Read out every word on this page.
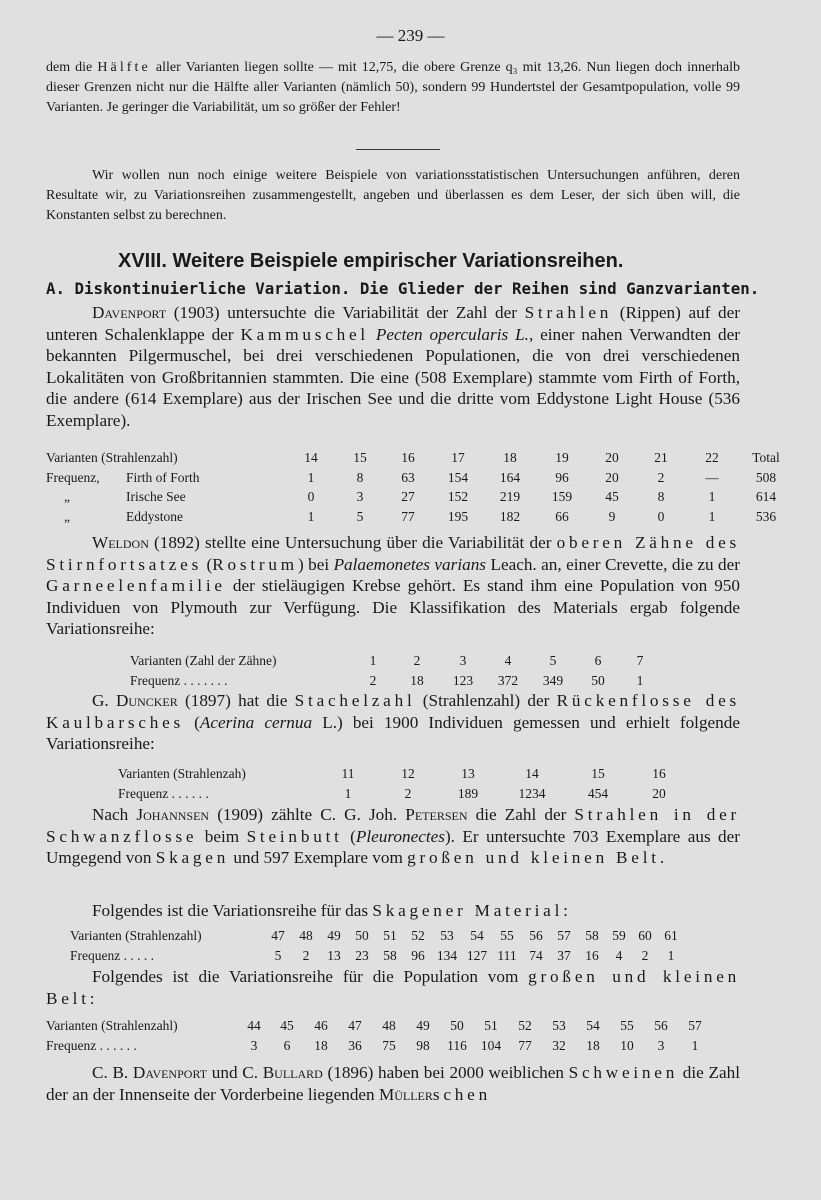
— 239 —

dem die Hälfte aller Varianten liegen sollte — mit 12,75, die obere Grenze q₃ mit 13,26. Nun liegen doch innerhalb dieser Grenzen nicht nur die Hälfte aller Varianten (nämlich 50), sondern 99 Hundertstel der Gesamtpopulation, volle 99 Varianten. Je geringer die Variabilität, um so größer der Fehler!

Wir wollen nun noch einige weitere Beispiele von variationsstatistischen Untersuchungen anführen, deren Resultate wir, zu Variationsreihen zusammengestellt, angeben und überlassen es dem Leser, der sich üben will, die Konstanten selbst zu berechnen.

XVIII. Weitere Beispiele empirischer Variationsreihen.
A. Diskontinuierliche Variation. Die Glieder der Reihen sind Ganzvarianten.

Davenport (1903) untersuchte die Variabilität der Zahl der Strahlen (Rippen) auf der unteren Schalenklappe der Kammuschel Pecten opercularis L., einer nahen Verwandten der bekannten Pilgermuschel, bei drei verschiedenen Populationen, die von drei verschiedenen Lokalitäten von Großbritannien stammten. Die eine (508 Exemplare) stammte vom Firth of Forth, die andere (614 Exemplare) aus der Irischen See und die dritte vom Eddystone Light House (536 Exemplare).

Varianten (Strahlenzahl)		14	15	16	17	18	19	20	21	22	Total
Frequenz,	Firth of Forth	1	8	63	154	164	96	20	2	—	508
„	Irische See	0	3	27	152	219	159	45	8	1	614
„	Eddystone	1	5	77	195	182	66	9	0	1	536

Weldon (1892) stellte eine Untersuchung über die Variabilität der oberen Zähne des Stirnfortsatzes (Rostrum) bei Palaemonetes varians Leach. an, einer Crevette, die zu der Garneelenfamilie der stieläugigen Krebse gehört. Es stand ihm eine Population von 950 Individuen von Plymouth zur Verfügung. Die Klassifikation des Materials ergab folgende Variationsreihe:

Varianten (Zahl der Zähne)	1	2	3	4	5	6	7
Frequenz . . . . . . .	2	18	123	372	349	50	1

G. Duncker (1897) hat die Stachelzahl (Strahlenzahl) der Rückenflosse des Kaulbarsches (Acerina cernua L.) bei 1900 Individuen gemessen und erhielt folgende Variationsreihe:

Varianten (Strahlenzah)	11	12	13	14	15	16
Frequenz . . . . . .	1	2	189	1234	454	20

Nach Johannsen (1909) zählte C. G. Joh. Petersen die Zahl der Strahlen in der Schwanzflosse beim Steinbutt (Pleuronectes). Er untersuchte 703 Exemplare aus der Umgegend von Skagen und 597 Exemplare vom großen und kleinen Belt.

Folgendes ist die Variationsreihe für das Skagener Material:

Varianten (Strahlenzahl)	47	48	49	50	51	52	53	54	55	56	57	58	59	60	61
Frequenz . . . . .	5	2	13	23	58	96	134	127	111	74	37	16	4	2	1

Folgendes ist die Variationsreihe für die Population vom großen und kleinen Belt:

Varianten (Strahlenzahl)	44	45	46	47	48	49	50	51	52	53	54	55	56	57
Frequenz . . . . . .	3	6	18	36	75	98	116	104	77	32	18	10	3	1

C. B. Davenport und C. Bullard (1896) haben bei 2000 weiblichen Schweinen die Zahl der an der Innenseite der Vorderbeine liegenden Müllerschen
